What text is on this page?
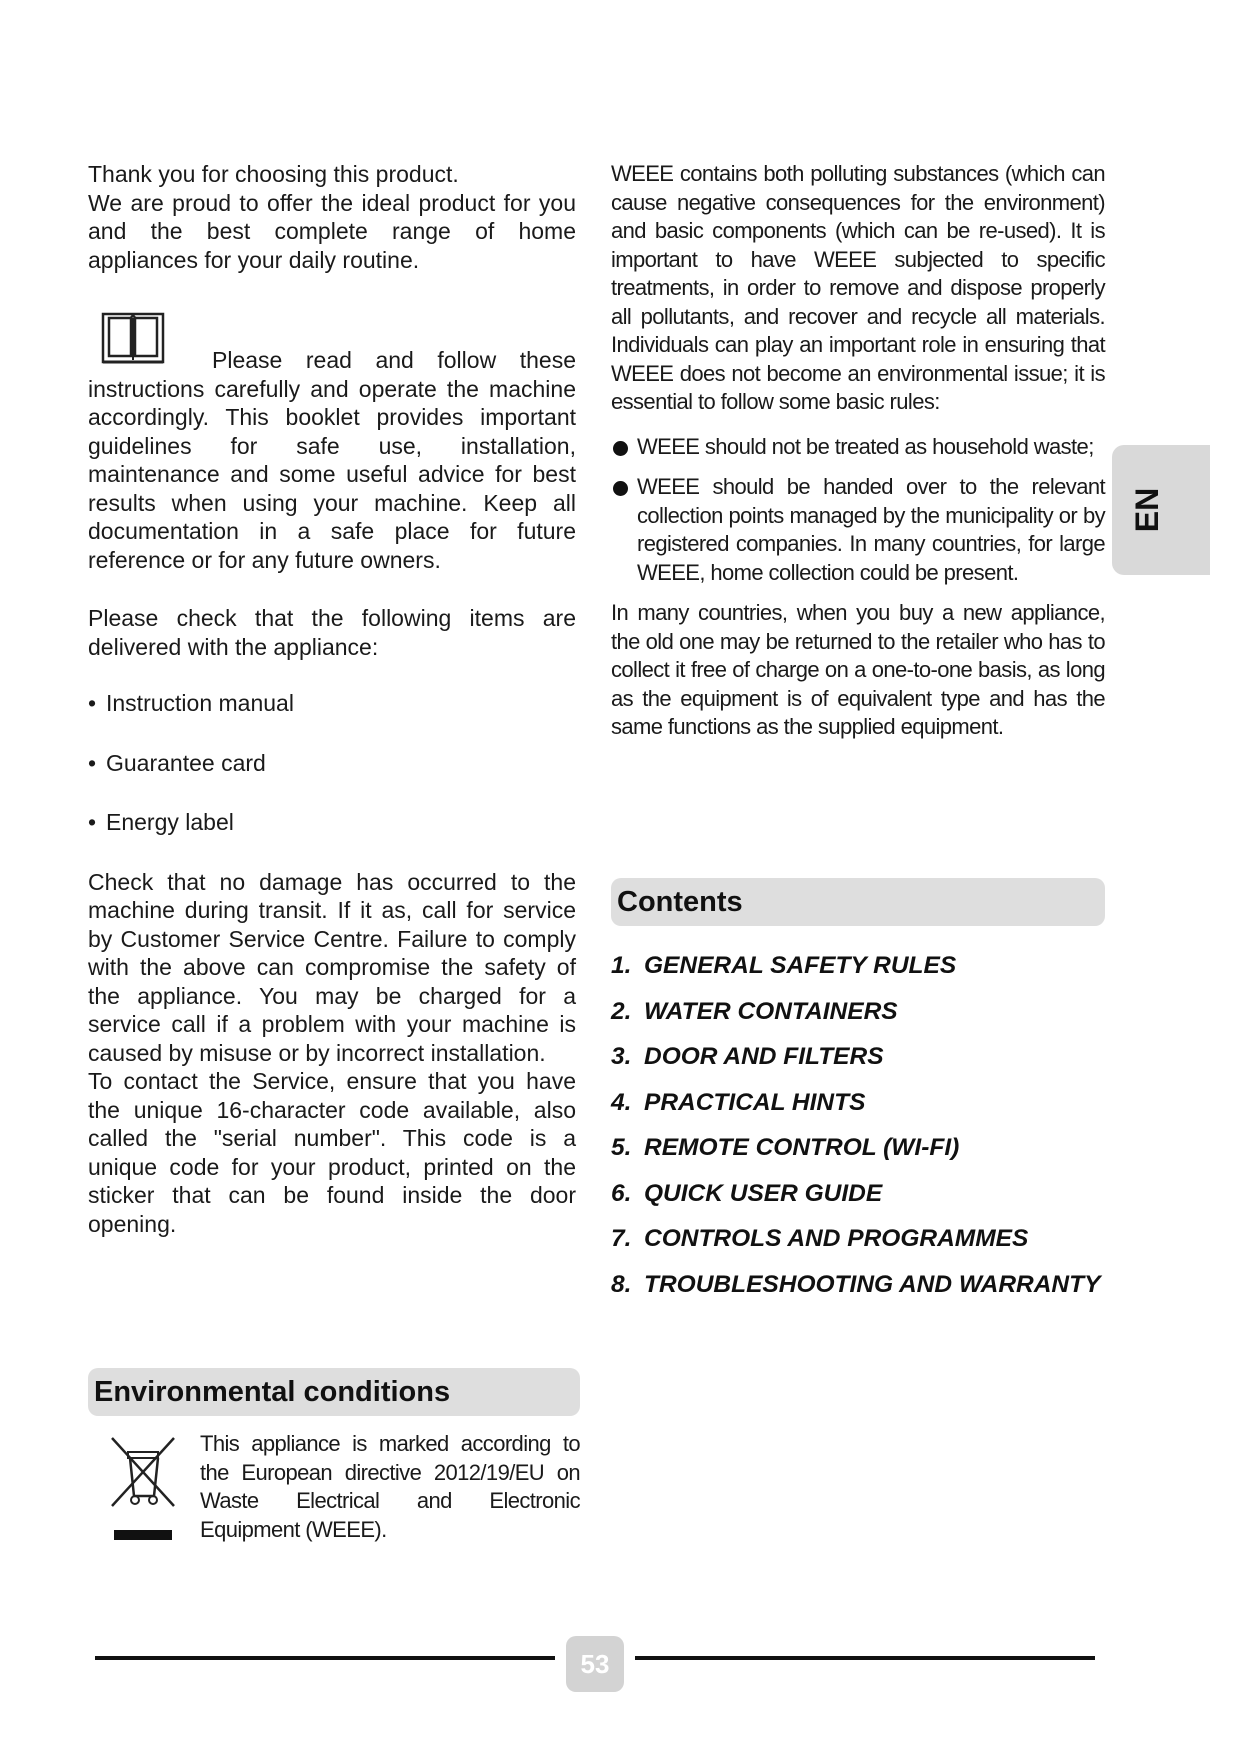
Thank you for choosing this product.

We are proud to offer the ideal product for you and the best complete range of home appliances for your daily routine.

Please read and follow these instructions carefully and operate the machine accordingly. This booklet provides important guidelines for safe use, installation, maintenance and some useful advice for best results when using your machine. Keep all documentation in a safe place for future reference or for any future owners.

Please check that the following items are delivered with the appliance:

• Instruction manual
• Guarantee card
• Energy label

Check that no damage has occurred to the machine during transit. If it as, call for service by Customer Service Centre. Failure to comply with the above can compromise the safety of the appliance. You may be charged for a service call if a problem with your machine is caused by misuse or by incorrect installation.

To contact the Service, ensure that you have the unique 16-character code available, also called the "serial number". This code is a unique code for your product, printed on the sticker that can be found inside the door opening.

Environmental conditions
This appliance is marked according to the European directive 2012/19/EU on Waste Electrical and Electronic Equipment (WEEE).

WEEE contains both polluting substances (which can cause negative consequences for the environment) and basic components (which can be re-used). It is important to have WEEE subjected to specific treatments, in order to remove and dispose properly all pollutants, and recover and recycle all materials. Individuals can play an important role in ensuring that WEEE does not become an environmental issue; it is essential to follow some basic rules:

WEEE should not be treated as household waste;
WEEE should be handed over to the relevant collection points managed by the municipality or by registered companies. In many countries, for large WEEE, home collection could be present.

In many countries, when you buy a new appliance, the old one may be returned to the retailer who has to collect it free of charge on a one-to-one basis, as long as the equipment is of equivalent type and has the same functions as the supplied equipment.

Contents
1. GENERAL SAFETY RULES
2. WATER CONTAINERS
3. DOOR AND FILTERS
4. PRACTICAL HINTS
5. REMOTE CONTROL (WI-FI)
6. QUICK USER GUIDE
7. CONTROLS AND PROGRAMMES
8. TROUBLESHOOTING AND WARRANTY
EN
53
